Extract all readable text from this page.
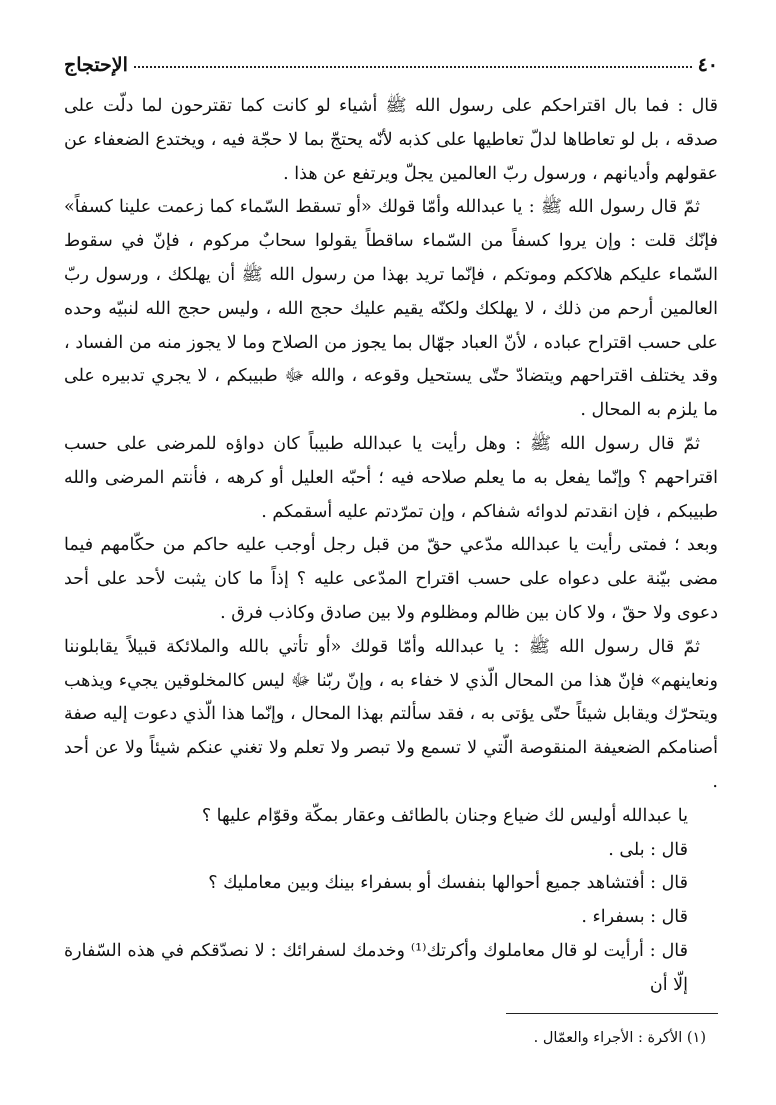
٤٠
الإحتجاج

قال : فما بال اقتراحكم على رسول الله ﷺ أشياء لو كانت كما تقترحون لما دلّت على صدقه ، بل لو تعاطاها لدلّ تعاطيها على كذبه لأنّه يحتجّ بما لا حجّة فيه ، ويختدع الضعفاء عن عقولهم وأديانهم ، ورسول ربّ العالمين يجلّ ويرتفع عن هذا .

ثمّ قال رسول الله ﷺ : يا عبدالله وأمّا قولك «أو تسقط السّماء كما زعمت علينا كسفاً» فإنّك قلت : وإن يروا كسفاً من السّماء ساقطاً يقولوا سحابٌ مركوم ، فإنّ في سقوط السّماء عليكم هلاككم وموتكم ، فإنّما تريد بهذا من رسول الله ﷺ أن يهلكك ، ورسول ربّ العالمين أرحم من ذلك ، لا يهلكك ولكنّه يقيم عليك حجج الله ، وليس حجج الله لنبيّه وحده على حسب اقتراح عباده ، لأنّ العباد جهّال بما يجوز من الصلاح وما لا يجوز منه من الفساد ، وقد يختلف اقتراحهم ويتضادّ حتّى يستحيل وقوعه ، والله ﷻ طبيبكم ، لا يجري تدبيره على ما يلزم به المحال .

ثمّ قال رسول الله ﷺ : وهل رأيت يا عبدالله طبيباً كان دواؤه للمرضى على حسب اقتراحهم ؟ وإنّما يفعل به ما يعلم صلاحه فيه ؛ أحبّه العليل أو كرهه ، فأنتم المرضى والله طبيبكم ، فإن انقدتم لدوائه شفاكم ، وإن تمرّدتم عليه أسقمكم .

وبعد ؛ فمتى رأيت يا عبدالله مدّعي حقّ من قبل رجل أوجب عليه حاكم من حكّامهم فيما مضى بيّنة على دعواه على حسب اقتراح المدّعى عليه ؟ إذاً ما كان يثبت لأحد على أحد دعوى ولا حقّ ، ولا كان بين ظالم ومظلوم ولا بين صادق وكاذب فرق .

ثمّ قال رسول الله ﷺ : يا عبدالله وأمّا قولك «أو تأتي بالله والملائكة قبيلاً يقابلوننا ونعاينهم» فإنّ هذا من المحال الّذي لا خفاء به ، وإنّ ربّنا ﷻ ليس كالمخلوقين يجيء ويذهب ويتحرّك ويقابل شيئاً حتّى يؤتى به ، فقد سألتم بهذا المحال ، وإنّما هذا الّذي دعوت إليه صفة أصنامكم الضعيفة المنقوصة الّتي لا تسمع ولا تبصر ولا تعلم ولا تغني عنكم شيئاً ولا عن أحد .

يا عبدالله أوليس لك ضياع وجنان بالطائف وعقار بمكّة وقوّام عليها ؟

قال : بلى .

قال : أفتشاهد جميع أحوالها بنفسك أو بسفراء بينك وبين معامليك ؟

قال : بسفراء .

قال : أرأيت لو قال معاملوك وأكرتك⁽¹⁾ وخدمك لسفرائك : لا نصدّقكم في هذه السّفارة إلّا أن

(١) الأكرة : الأجراء والعمّال .
